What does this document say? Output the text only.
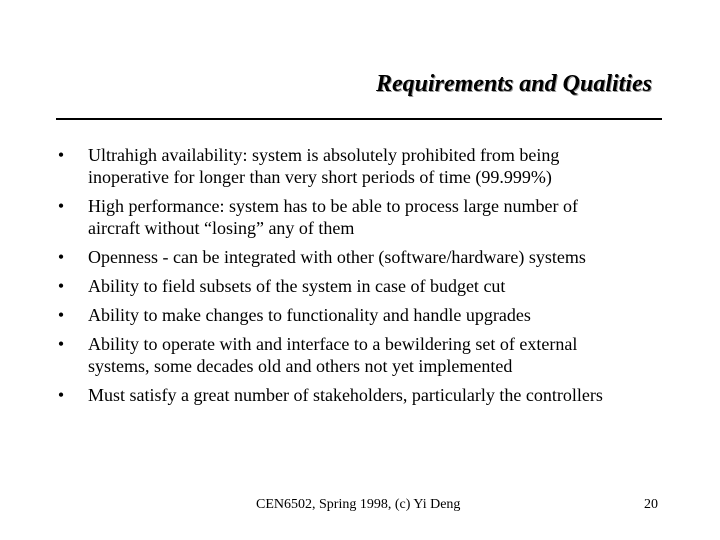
Requirements and Qualities
• Ultrahigh availability: system is absolutely prohibited from being
inoperative for longer than very short periods of time (99.999%)
• High performance: system has to be able to process large number of
aircraft without “losing” any of them
• Openness - can be integrated with other (software/hardware) systems
• Ability to field subsets of the system in case of budget cut
• Ability to make changes to functionality and handle upgrades
• Ability to operate with and interface to a bewildering set of external
systems, some decades old and others not yet implemented
• Must satisfy a great number of stakeholders, particularly the controllers
CEN6502, Spring 1998, (c) Yi Deng	20
